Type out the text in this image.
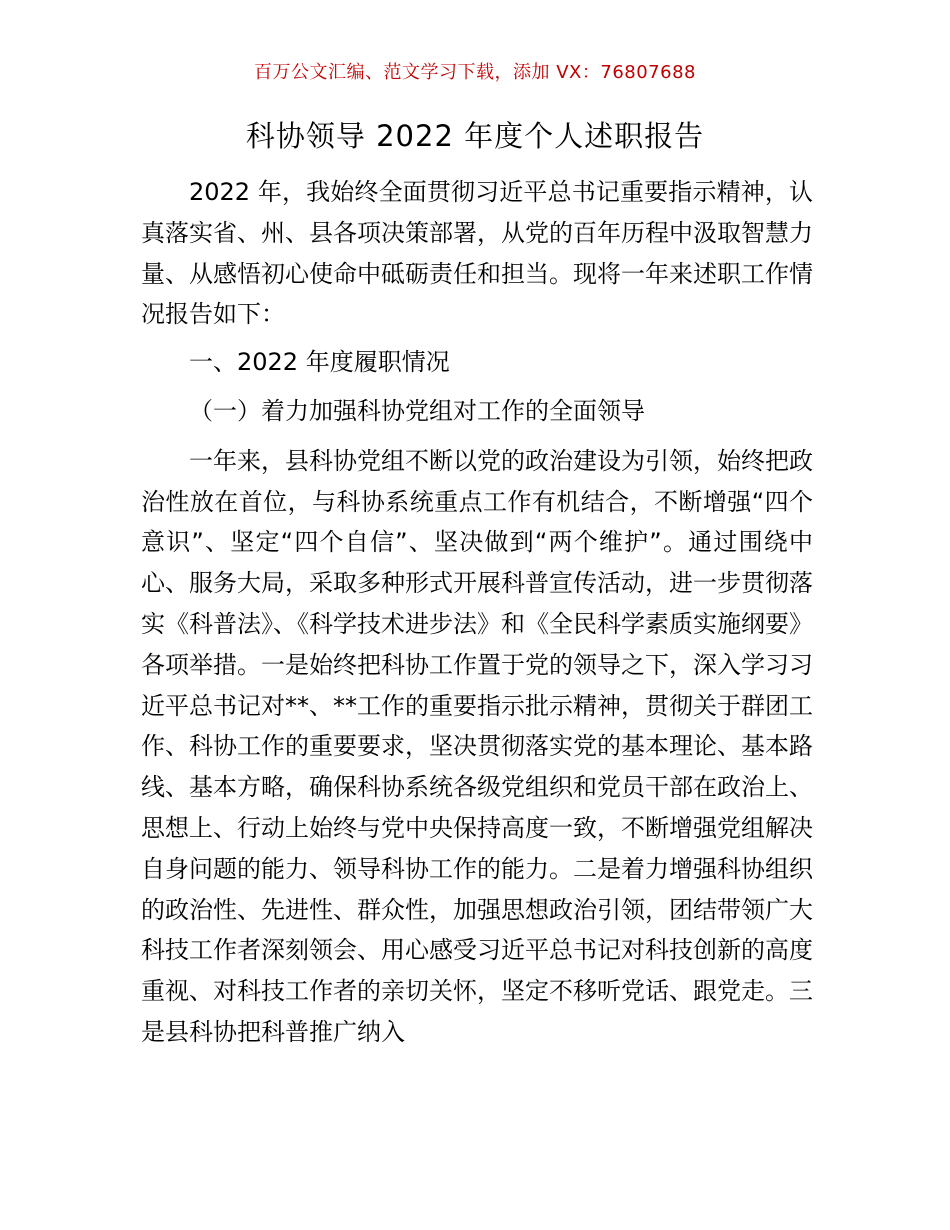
百万公文汇编、范文学习下载，添加 VX：76807688
科协领导 2022 年度个人述职报告

2022 年，我始终全面贯彻习近平总书记重要指示精神，认真落实省、州、县各项决策部署，从党的百年历程中汲取智慧力量、从感悟初心使命中砥砺责任和担当。现将一年来述职工作情况报告如下：

一、2022 年度履职情况

（一）着力加强科协党组对工作的全面领导

一年来，县科协党组不断以党的政治建设为引领，始终把政治性放在首位，与科协系统重点工作有机结合，不断增强“四个意识”、坚定“四个自信”、坚决做到“两个维护”。通过围绕中心、服务大局，采取多种形式开展科普宣传活动，进一步贯彻落实《科普法》、《科学技术进步法》和《全民科学素质实施纲要》各项举措。一是始终把科协工作置于党的领导之下，深入学习习近平总书记对**、**工作的重要指示批示精神，贯彻关于群团工作、科协工作的重要要求，坚决贯彻落实党的基本理论、基本路线、基本方略，确保科协系统各级党组织和党员干部在政治上、思想上、行动上始终与党中央保持高度一致，不断增强党组解决自身问题的能力、领导科协工作的能力。二是着力增强科协组织的政治性、先进性、群众性，加强思想政治引领，团结带领广大科技工作者深刻领会、用心感受习近平总书记对科技创新的高度重视、对科技工作者的亲切关怀，坚定不移听党话、跟党走。三是县科协把科普推广纳入
